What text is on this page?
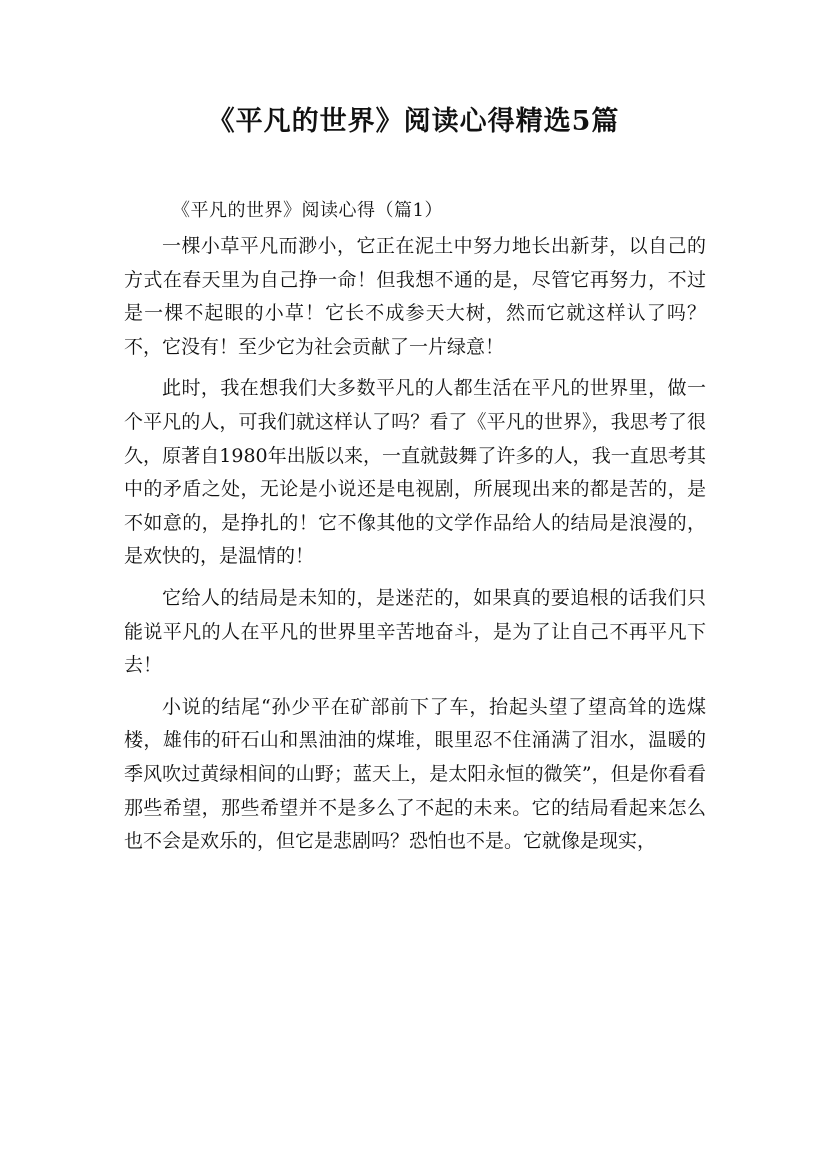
《平凡的世界》阅读心得精选5篇

《平凡的世界》阅读心得（篇1）

一棵小草平凡而渺小，它正在泥土中努力地长出新芽，以自己的方式在春天里为自己挣一命！但我想不通的是，尽管它再努力，不过是一棵不起眼的小草！它长不成参天大树，然而它就这样认了吗？不，它没有！至少它为社会贡献了一片绿意！

此时，我在想我们大多数平凡的人都生活在平凡的世界里，做一个平凡的人，可我们就这样认了吗？看了《平凡的世界》，我思考了很久，原著自1980年出版以来，一直就鼓舞了许多的人，我一直思考其中的矛盾之处，无论是小说还是电视剧，所展现出来的都是苦的，是不如意的，是挣扎的！它不像其他的文学作品给人的结局是浪漫的，是欢快的，是温情的！

它给人的结局是未知的，是迷茫的，如果真的要追根的话我们只能说平凡的人在平凡的世界里辛苦地奋斗，是为了让自己不再平凡下去！

小说的结尾“孙少平在矿部前下了车，抬起头望了望高耸的选煤楼，雄伟的矸石山和黑油油的煤堆，眼里忍不住涌满了泪水，温暖的季风吹过黄绿相间的山野；蓝天上，是太阳永恒的微笑”，但是你看看那些希望，那些希望并不是多么了不起的未来。它的结局看起来怎么也不会是欢乐的，但它是悲剧吗？恐怕也不是。它就像是现实，
